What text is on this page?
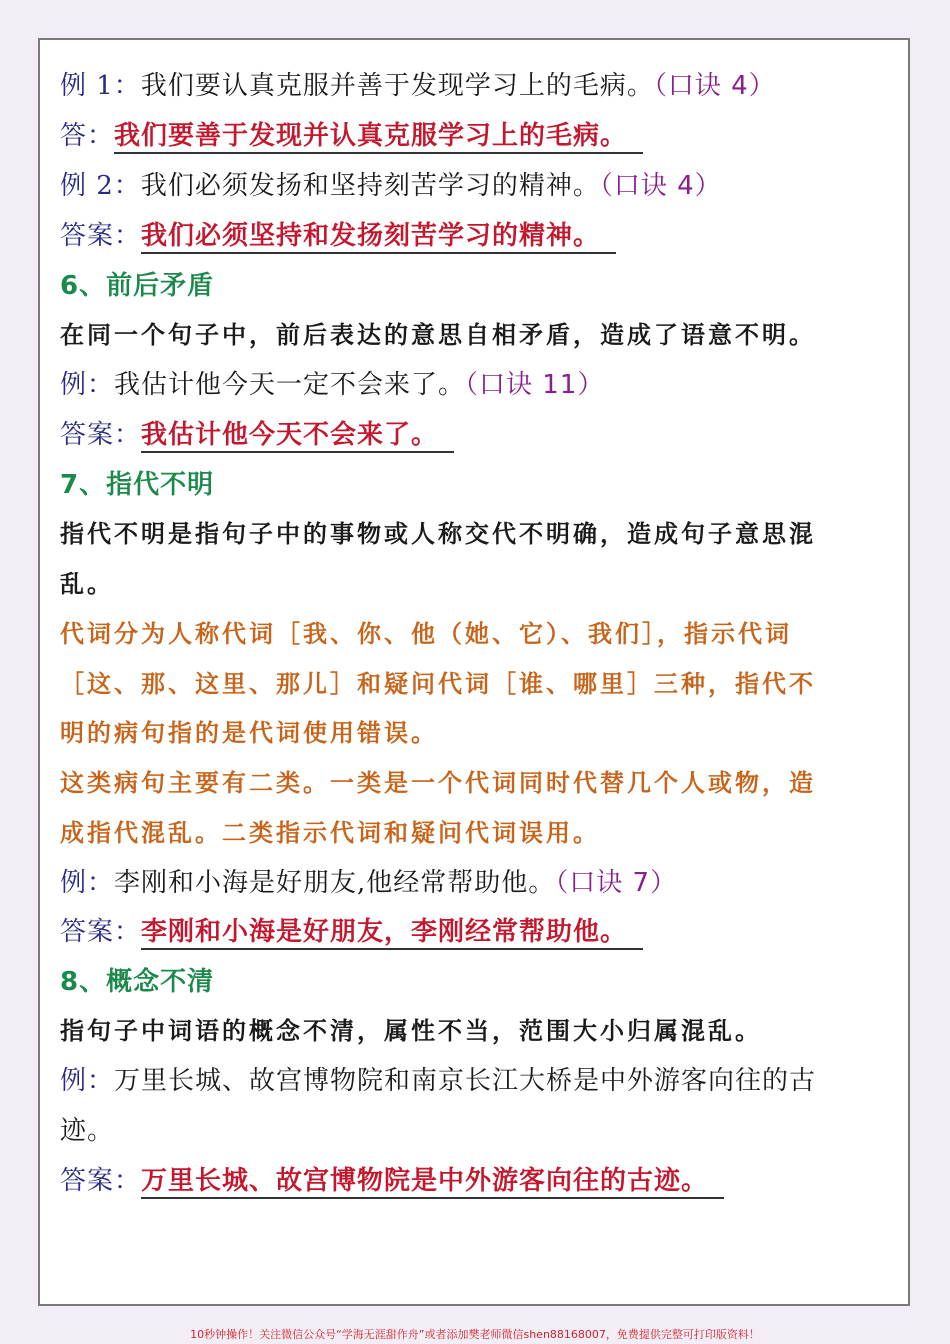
例 1：我们要认真克服并善于发现学习上的毛病。（口诀 4）
答：我们要善于发现并认真克服学习上的毛病。
例 2：我们必须发扬和坚持刻苦学习的精神。（口诀 4）
答案：我们必须坚持和发扬刻苦学习的精神。
6、前后矛盾
在同一个句子中，前后表达的意思自相矛盾，造成了语意不明。
例：我估计他今天一定不会来了。（口诀 11）
答案：我估计他今天不会来了。
7、指代不明
指代不明是指句子中的事物或人称交代不明确，造成句子意思混
乱。
代词分为人称代词［我、你、他（她、它）、我们］，指示代词
［这、那、这里、那儿］和疑问代词［谁、哪里］三种，指代不
明的病句指的是代词使用错误。
这类病句主要有二类。一类是一个代词同时代替几个人或物，造
成指代混乱。二类指示代词和疑问代词误用。
例：李刚和小海是好朋友,他经常帮助他。（口诀 7）
答案：李刚和小海是好朋友，李刚经常帮助他。
8、概念不清
指句子中词语的概念不清，属性不当，范围大小归属混乱。
例：万里长城、故宫博物院和南京长江大桥是中外游客向往的古
迹。
答案：万里长城、故宫博物院是中外游客向往的古迹。
10秒钟操作！关注微信公众号“学海无涯甜作舟”或者添加樊老师微信shen88168007，免费提供完整可打印版资料！
